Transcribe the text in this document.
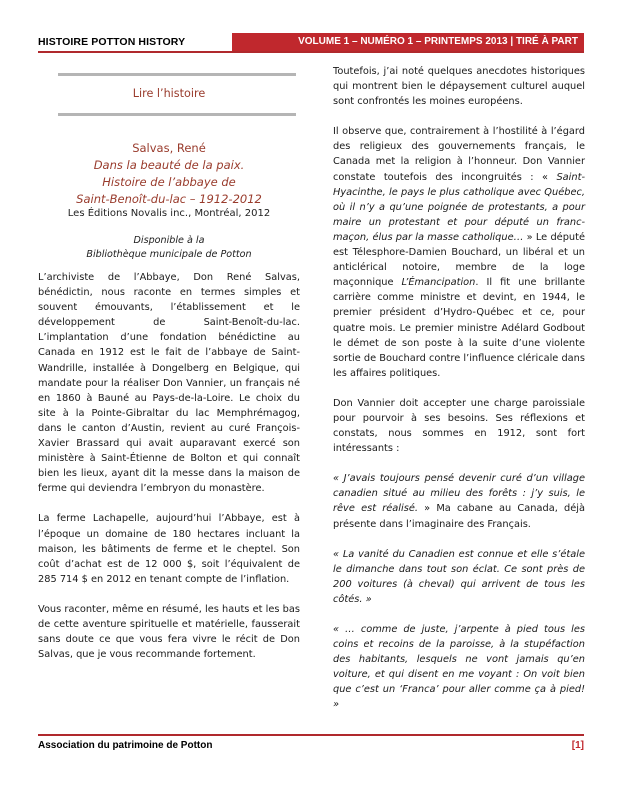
HISTOIRE POTTON HISTORY	VOLUME 1 – NUMÉRO 1 – PRINTEMPS 2013 | TIRÉ À PART
Lire l’histoire
Salvas, René
Dans la beauté de la paix.
Histoire de l’abbaye de
Saint-Benoît-du-lac – 1912-2012
Les Éditions Novalis inc., Montréal, 2012
Disponible à la
Bibliothèque municipale de Potton

L’archiviste de l’Abbaye, Don René Salvas, bénédictin, nous raconte en termes simples et souvent émouvants, l’établissement et le développement de Saint-Benoît-du-lac. L’implantation d’une fondation bénédictine au Canada en 1912 est le fait de l’abbaye de Saint-Wandrille, installée à Dongelberg en Belgique, qui mandate pour la réaliser Don Vannier, un français né en 1860 à Bauné au Pays-de-la-Loire. Le choix du site à la Pointe-Gibraltar du lac Memphrémagog, dans le canton d’Austin, revient au curé François-Xavier Brassard qui avait auparavant exercé son ministère à Saint-Étienne de Bolton et qui connaît bien les lieux, ayant dit la messe dans la maison de ferme qui deviendra l’embryon du monastère.

La ferme Lachapelle, aujourd’hui l’Abbaye, est à l’époque un domaine de 180 hectares incluant la maison, les bâtiments de ferme et le cheptel. Son coût d’achat est de 12 000 $, soit l’équivalent de 285 714 $ en 2012 en tenant compte de l’inflation.

Vous raconter, même en résumé, les hauts et les bas de cette aventure spirituelle et matérielle, fausserait sans doute ce que vous fera vivre le récit de Don Salvas, que je vous recommande fortement.

Toutefois, j’ai noté quelques anecdotes historiques qui montrent bien le dépaysement culturel auquel sont confrontés les moines européens.

Il observe que, contrairement à l’hostilité à l’égard des religieux des gouvernements français, le Canada met la religion à l’honneur. Don Vannier constate toutefois des incongruités : « Saint-Hyacinthe, le pays le plus catholique avec Québec, où il n’y a qu’une poignée de protestants, a pour maire un protestant et pour député un franc-maçon, élus par la masse catholique… » Le député est Télesphore-Damien Bouchard, un libéral et un anticlérical notoire, membre de la loge maçonnique L’Émancipation. Il fit une brillante carrière comme ministre et devint, en 1944, le premier président d’Hydro-Québec et ce, pour quatre mois. Le premier ministre Adélard Godbout le démet de son poste à la suite d’une violente sortie de Bouchard contre l’influence cléricale dans les affaires politiques.

Don Vannier doit accepter une charge paroissiale pour pourvoir à ses besoins. Ses réflexions et constats, nous sommes en 1912, sont fort intéressants :

« J’avais toujours pensé devenir curé d’un village canadien situé au milieu des forêts : j’y suis, le rêve est réalisé. » Ma cabane au Canada, déjà présente dans l’imaginaire des Français.

« La vanité du Canadien est connue et elle s’étale le dimanche dans tout son éclat. Ce sont près de 200 voitures (à cheval) qui arrivent de tous les côtés. »

« … comme de juste, j’arpente à pied tous les coins et recoins de la paroisse, à la stupéfaction des habitants, lesquels ne vont jamais qu’en voiture, et qui disent en me voyant : On voit bien que c’est un ‘Franca’ pour aller comme ça à pied! »

Association du patrimoine de Potton	[1]
